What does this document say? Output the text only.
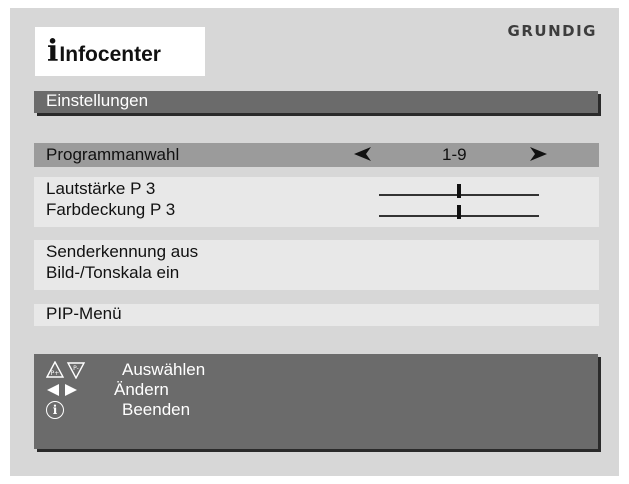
GRUNDIG
i Infocenter
Einstellungen
Programmanwahl	1-9
Lautstärke P 3
Farbdeckung P 3
Senderkennung aus
Bild-/Tonskala ein
PIP-Menü
P+
P-	Auswählen
Ändern
i	Beenden
